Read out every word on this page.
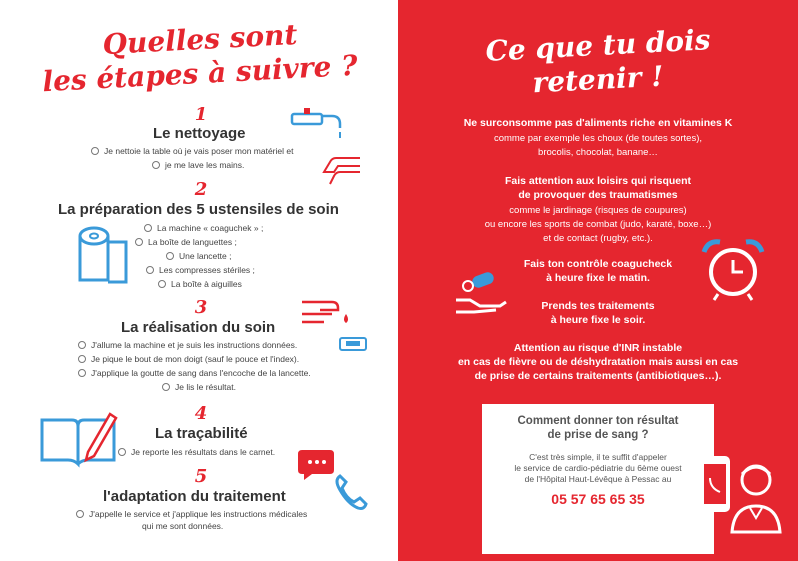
Quelles sont
les étapes à suivre ?
1
Le nettoyage
Je nettoie la table où je vais poser mon matériel et
je me lave les mains.
2
La préparation des 5 ustensiles de soin
La machine « coaguchek » ;
La boîte de languettes ;
Une lancette ;
Les compresses stériles ;
La boîte à aiguilles
3
La réalisation du soin
J'allume la machine et je suis les instructions données.
Je pique le bout de mon doigt (sauf le pouce et l'index).
J'applique la goutte de sang dans l'encoche de la lancette.
Je lis le résultat.
4
La traçabilité
Je reporte les résultats dans le carnet.
5
l'adaptation du traitement
J'appelle le service et j'applique les instructions médicales
qui me sont données.
Ce que tu dois
retenir !
Ne surconsomme pas d'aliments riche en vitamines K
comme par exemple les choux (de toutes sortes),
brocolis, chocolat, banane…
Fais attention aux loisirs qui risquent
de provoquer des traumatismes
comme le jardinage (risques de coupures)
ou encore les sports de combat (judo, karaté, boxe…)
et de contact (rugby, etc.).
Fais ton contrôle coagucheck
à heure fixe le matin.
Prends tes traitements
à heure fixe le soir.
Attention au risque d'INR instable
en cas de fièvre ou de déshydratation mais aussi en cas
de prise de certains traitements (antibiotiques…).
Comment donner ton résultat
de prise de sang ?
C'est très simple, il te suffit d'appeler
le service de cardio-pédiatrie du 6ème ouest
de l'Hôpital Haut-Lévêque à Pessac au
05 57 65 65 35
